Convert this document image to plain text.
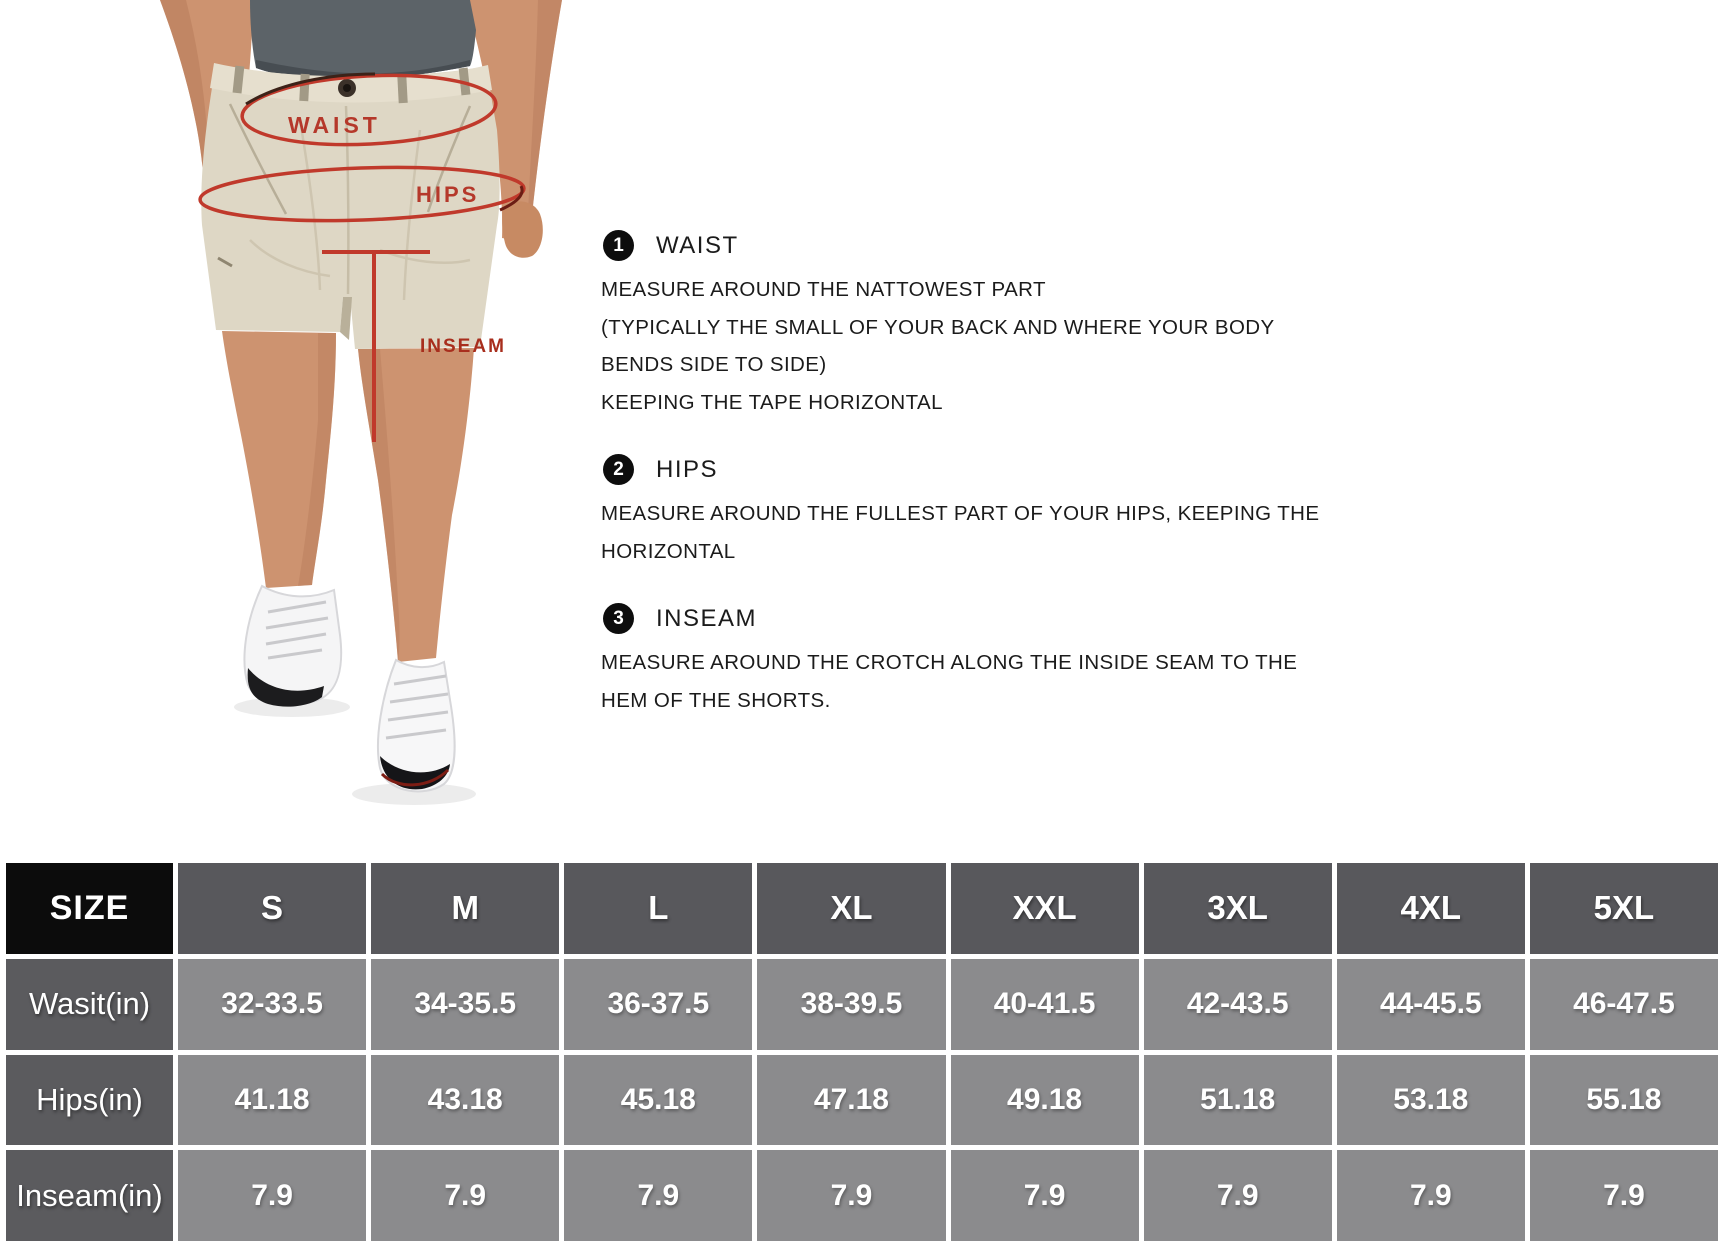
WAIST
HIPS
INSEAM
1	WAIST

MEASURE AROUND THE NATTOWEST PART

(TYPICALLY THE SMALL OF YOUR BACK AND WHERE YOUR BODY

BENDS SIDE TO SIDE)

KEEPING THE TAPE HORIZONTAL

2	HIPS

MEASURE AROUND THE FULLEST PART OF YOUR HIPS, KEEPING THE

HORIZONTAL

3	INSEAM

MEASURE AROUND THE CROTCH ALONG THE INSIDE SEAM TO THE

HEM OF THE SHORTS.

SIZE	S	M	L	XL	XXL	3XL	4XL	5XL
Wasit(in)	32-33.5	34-35.5	36-37.5	38-39.5	40-41.5	42-43.5	44-45.5	46-47.5
Hips(in)	41.18	43.18	45.18	47.18	49.18	51.18	53.18	55.18
Inseam(in)	7.9	7.9	7.9	7.9	7.9	7.9	7.9	7.9
